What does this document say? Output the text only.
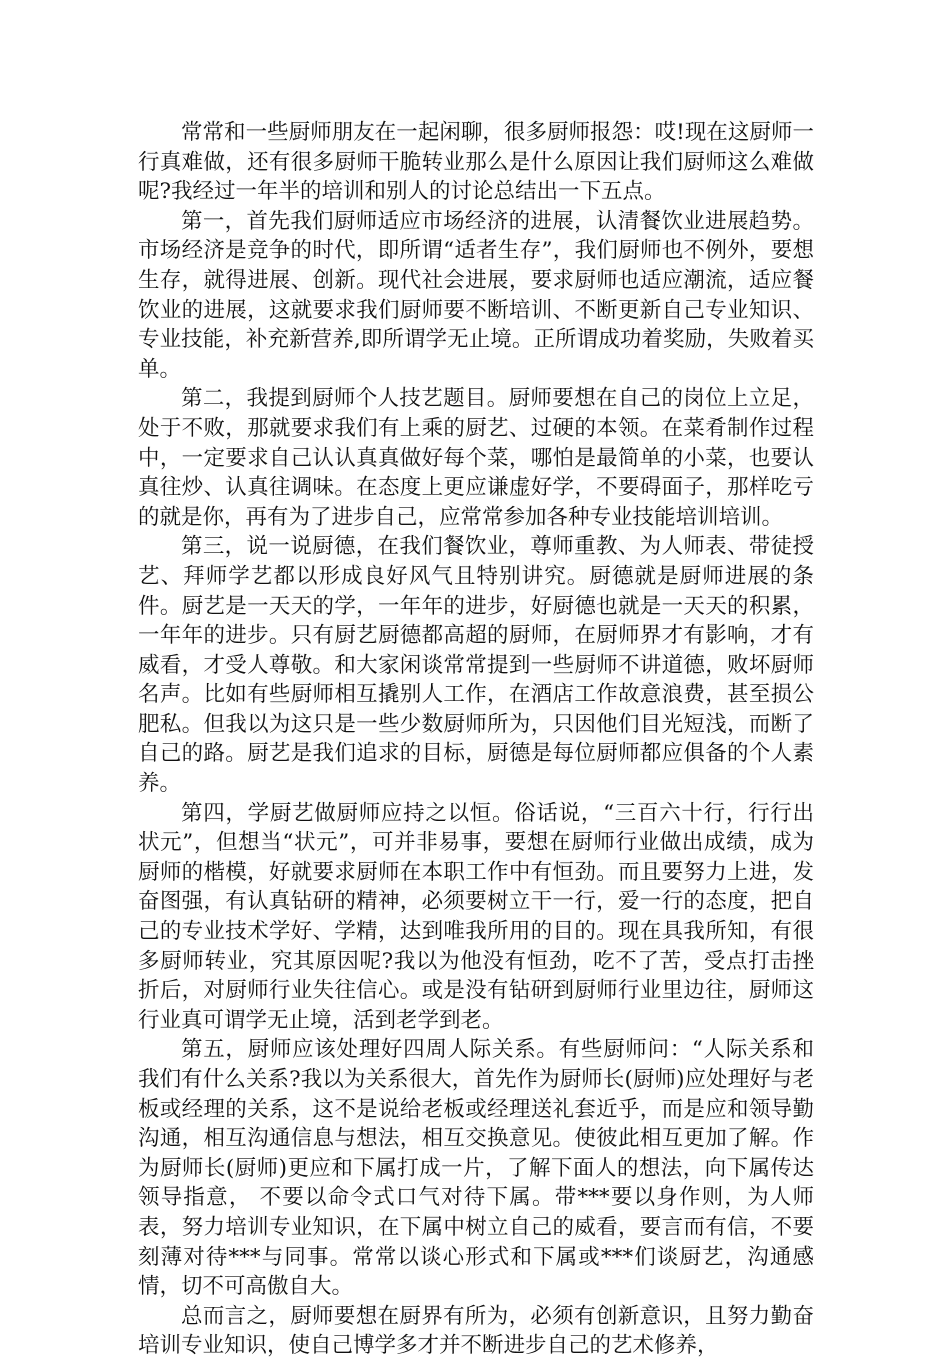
常常和一些厨师朋友在一起闲聊，很多厨师报怨：哎!现在这厨师一行真难做，还有很多厨师干脆转业那么是什么原因让我们厨师这么难做呢?我经过一年半的培训和别人的讨论总结出一下五点。

第一，首先我们厨师适应市场经济的进展，认清餐饮业进展趋势。市场经济是竞争的时代，即所谓“适者生存”，我们厨师也不例外，要想生存，就得进展、创新。现代社会进展，要求厨师也适应潮流，适应餐饮业的进展，这就要求我们厨师要不断培训、不断更新自己专业知识、专业技能，补充新营养,即所谓学无止境。正所谓成功着奖励，失败着买单。

第二，我提到厨师个人技艺题目。厨师要想在自己的岗位上立足，处于不败，那就要求我们有上乘的厨艺、过硬的本领。在菜肴制作过程中，一定要求自己认认真真做好每个菜，哪怕是最简单的小菜，也要认真往炒、认真往调味。在态度上更应谦虚好学，不要碍面子，那样吃亏的就是你，再有为了进步自己，应常常参加各种专业技能培训培训。

第三，说一说厨德，在我们餐饮业，尊师重教、为人师表、带徒授艺、拜师学艺都以形成良好风气且特别讲究。厨德就是厨师进展的条件。厨艺是一天天的学，一年年的进步，好厨德也就是一天天的积累，一年年的进步。只有厨艺厨德都高超的厨师，在厨师界才有影响，才有威看，才受人尊敬。和大家闲谈常常提到一些厨师不讲道德，败坏厨师名声。比如有些厨师相互撬别人工作，在酒店工作故意浪费，甚至损公肥私。但我以为这只是一些少数厨师所为，只因他们目光短浅，而断了自己的路。厨艺是我们追求的目标，厨德是每位厨师都应俱备的个人素养。

第四，学厨艺做厨师应持之以恒。俗话说，“三百六十行，行行出状元”，但想当“状元”，可并非易事，要想在厨师行业做出成绩，成为厨师的楷模，好就要求厨师在本职工作中有恒劲。而且要努力上进，发奋图强，有认真钻研的精神，必须要树立干一行，爱一行的态度，把自己的专业技术学好、学精，达到唯我所用的目的。现在具我所知，有很多厨师转业，究其原因呢?我以为他没有恒劲，吃不了苦，受点打击挫折后，对厨师行业失往信心。或是没有钻研到厨师行业里边往，厨师这行业真可谓学无止境，活到老学到老。

第五，厨师应该处理好四周人际关系。有些厨师问：“人际关系和我们有什么关系?我以为关系很大，首先作为厨师长(厨师)应处理好与老板或经理的关系，这不是说给老板或经理送礼套近乎，而是应和领导勤沟通，相互沟通信息与想法，相互交换意见。使彼此相互更加了解。作为厨师长(厨师)更应和下属打成一片，了解下面人的想法，向下属传达领导指意， 不要以命令式口气对待下属。带***要以身作则，为人师表，努力培训专业知识，在下属中树立自己的威看，要言而有信，不要刻薄对待***与同事。常常以谈心形式和下属或***们谈厨艺，沟通感情，切不可高傲自大。

总而言之，厨师要想在厨界有所为，必须有创新意识，且努力勤奋培训专业知识，使自己博学多才并不断进步自己的艺术修养，
